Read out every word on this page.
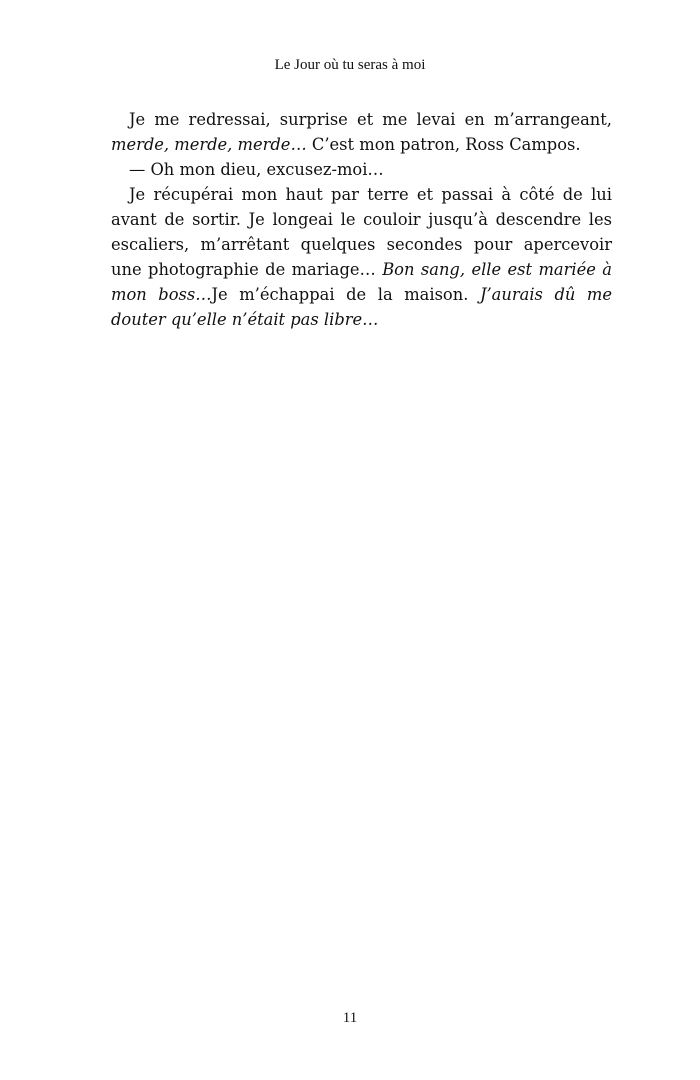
Le Jour où tu seras à moi

Je me redressai, surprise et me levai en m’arrangeant, merde, merde, merde… C’est mon patron, Ross Campos.

— Oh mon dieu, excusez-moi…

Je récupérai mon haut par terre et passai à côté de lui avant de sortir. Je longeai le couloir jusqu’à descendre les escaliers, m’arrêtant quelques secondes pour apercevoir une photographie de mariage… Bon sang, elle est mariée à mon boss…Je m’échappai de la maison. J’aurais dû me douter qu’elle n’était pas libre…

11
